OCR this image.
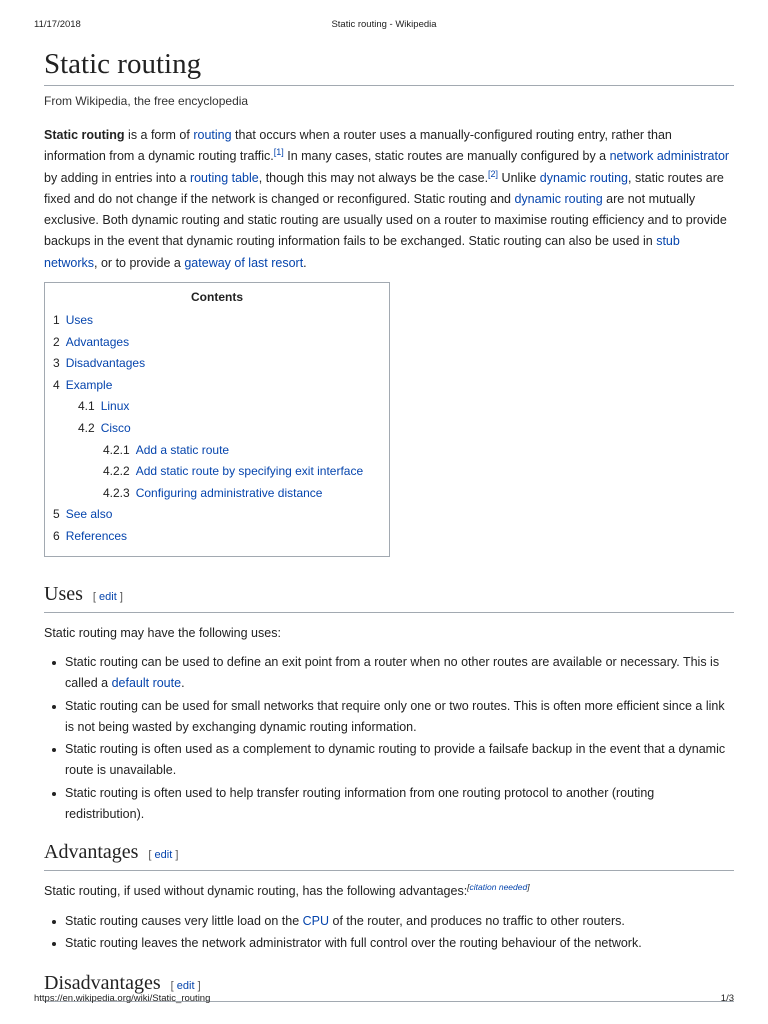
11/17/2018	Static routing - Wikipedia
Static routing
From Wikipedia, the free encyclopedia

Static routing is a form of routing that occurs when a router uses a manually-configured routing entry, rather than information from a dynamic routing traffic.[1] In many cases, static routes are manually configured by a network administrator by adding in entries into a routing table, though this may not always be the case.[2] Unlike dynamic routing, static routes are fixed and do not change if the network is changed or reconfigured. Static routing and dynamic routing are not mutually exclusive. Both dynamic routing and static routing are usually used on a router to maximise routing efficiency and to provide backups in the event that dynamic routing information fails to be exchanged. Static routing can also be used in stub networks, or to provide a gateway of last resort.

Contents
1 Uses
2 Advantages
3 Disadvantages
4 Example
4.1 Linux
4.2 Cisco
4.2.1 Add a static route
4.2.2 Add static route by specifying exit interface
4.2.3 Configuring administrative distance
5 See also
6 References
Uses [ edit ]

Static routing may have the following uses:

Static routing can be used to define an exit point from a router when no other routes are available or necessary. This is called a default route.
Static routing can be used for small networks that require only one or two routes. This is often more efficient since a link is not being wasted by exchanging dynamic routing information.
Static routing is often used as a complement to dynamic routing to provide a failsafe backup in the event that a dynamic route is unavailable.
Static routing is often used to help transfer routing information from one routing protocol to another (routing redistribution).
Advantages [ edit ]

Static routing, if used without dynamic routing, has the following advantages:[citation needed]

Static routing causes very little load on the CPU of the router, and produces no traffic to other routers.
Static routing leaves the network administrator with full control over the routing behaviour of the network.
Disadvantages [ edit ]
https://en.wikipedia.org/wiki/Static_routing	1/3
